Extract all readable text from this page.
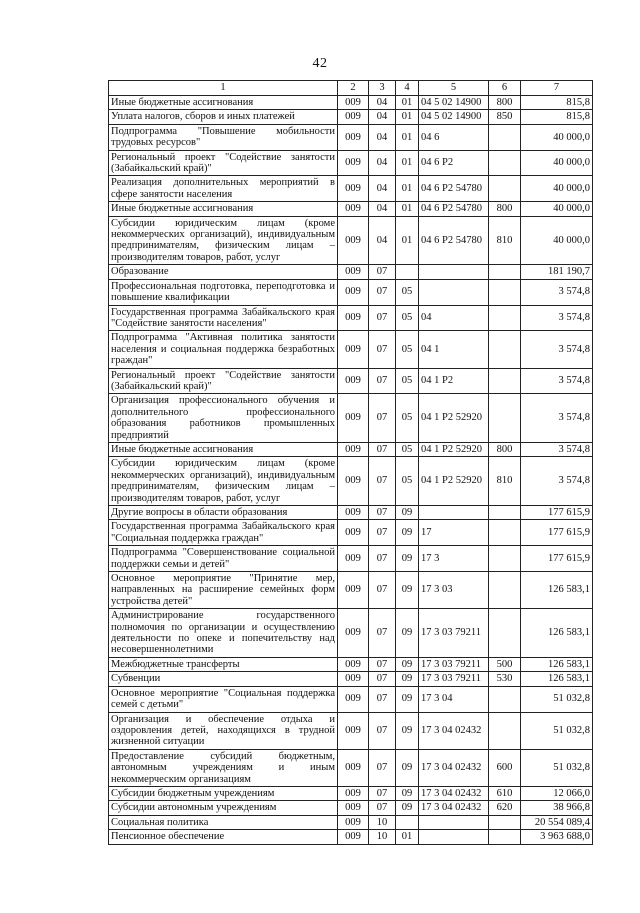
42
1	2	3	4	5	6	7
Иные бюджетные ассигнования	009	04	01	04 5 02 14900	800	815,8
Уплата налогов, сборов и иных платежей	009	04	01	04 5 02 14900	850	815,8
Подпрограмма "Повышение мобильности трудовых ресурсов"	009	04	01	04 6		40 000,0
Региональный проект "Содействие занятости (Забайкальский край)"	009	04	01	04 6 P2		40 000,0
Реализация дополнительных мероприятий в сфере занятости населения	009	04	01	04 6 P2 54780		40 000,0
Иные бюджетные ассигнования	009	04	01	04 6 P2 54780	800	40 000,0
Субсидии юридическим лицам (кроме некоммерческих организаций), индивидуальным предпринимателям, физическим лицам – производителям товаров, работ, услуг	009	04	01	04 6 P2 54780	810	40 000,0
Образование	009	07				181 190,7
Профессиональная подготовка, переподготовка и повышение квалификации	009	07	05			3 574,8
Государственная программа Забайкальского края "Содействие занятости населения"	009	07	05	04		3 574,8
Подпрограмма "Активная политика занятости населения и социальная поддержка безработных граждан"	009	07	05	04 1		3 574,8
Региональный проект "Содействие занятости (Забайкальский край)"	009	07	05	04 1 P2		3 574,8
Организация профессионального обучения и дополнительного профессионального образования работников промышленных предприятий	009	07	05	04 1 P2 52920		3 574,8
Иные бюджетные ассигнования	009	07	05	04 1 P2 52920	800	3 574,8
Субсидии юридическим лицам (кроме некоммерческих организаций), индивидуальным предпринимателям, физическим лицам – производителям товаров, работ, услуг	009	07	05	04 1 P2 52920	810	3 574,8
Другие вопросы в области образования	009	07	09			177 615,9
Государственная программа Забайкальского края "Социальная поддержка граждан"	009	07	09	17		177 615,9
Подпрограмма "Совершенствование социальной поддержки семьи и детей"	009	07	09	17 3		177 615,9
Основное мероприятие "Принятие мер, направленных на расширение семейных форм устройства детей"	009	07	09	17 3 03		126 583,1
Администрирование государственного полномочия по организации и осуществлению деятельности по опеке и попечительству над несовершеннолетними	009	07	09	17 3 03 79211		126 583,1
Межбюджетные трансферты	009	07	09	17 3 03 79211	500	126 583,1
Субвенции	009	07	09	17 3 03 79211	530	126 583,1
Основное мероприятие "Социальная поддержка семей с детьми"	009	07	09	17 3 04		51 032,8
Организация и обеспечение отдыха и оздоровления детей, находящихся в трудной жизненной ситуации	009	07	09	17 3 04 02432		51 032,8
Предоставление субсидий бюджетным, автономным учреждениям и иным некоммерческим организациям	009	07	09	17 3 04 02432	600	51 032,8
Субсидии бюджетным учреждениям	009	07	09	17 3 04 02432	610	12 066,0
Субсидии автономным учреждениям	009	07	09	17 3 04 02432	620	38 966,8
Социальная политика	009	10				20 554 089,4
Пенсионное обеспечение	009	10	01			3 963 688,0
